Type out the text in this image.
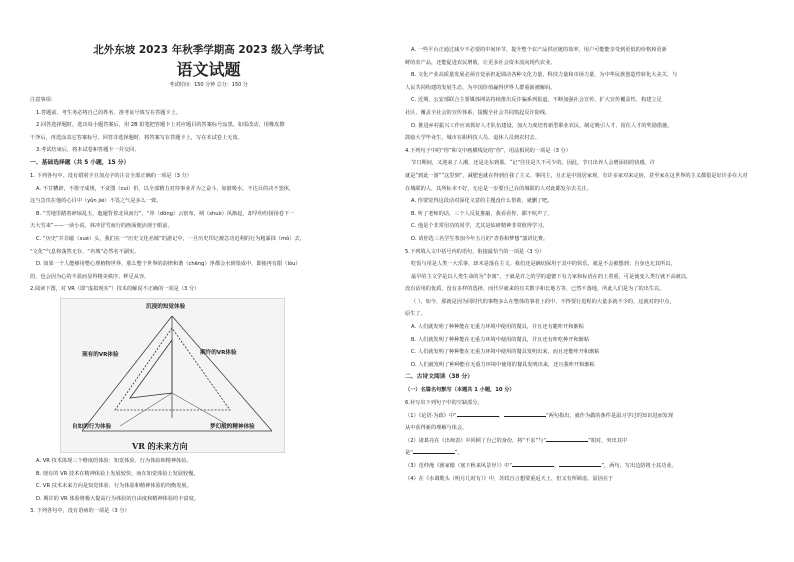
北外东坡 2023 年秋季学期高 2023 级入学考试

语文试题

考试时间：150 分钟 总分：150 分

注意事项：

1.答题前，考生务必将自己的姓名、准考证号填写在答题卡上。

2.回答选择题时，选出每小题答案后，用 2B 铅笔把答题卡上对应题目的答案标号涂黑。如需改动，用橡皮擦

干净后，再选涂其它答案标号。回答非选择题时，将答案写在答题卡上，写在本试卷上无效。

3.考试结束后，将本试卷和答题卡一并交回。

一、基础选择题（共 5 小题，15 分）

1. 下列各句中，没有错别字且加点字的注音全部正确的一项是（3 分）

A. 不甘糟辟，不墨守成规，不贪图（cuì）折，以全部精力对待事业并为之奋斗，如脏吸水，不达目的决不罢休，

这与急攻在他的心目中（yǔn jié）不畏之气是多么一致。

B. “雪地里踏着碎琼乱玉，迤逦背着北风而行”，“彤（dōng）云密布，朔（shuò）风渐起，却早纷纷扬扬卷下一

天大雪来”——一读小说，林冲冒雪而行的画面便活现于眼前。

C. “历史”并非磁（xué）头，我们在一“历史文化名城”的游记中，一旦历史印记被急功近利的行为粗暴抹（mǒ）去，

“文化”气息将荡然无存，“名城”必然名不副实。

D. 如果一个人能够用整心理植物世界，那么整个世界的韵律和谐（chēng）净都会水到渠成中，即使再有限（lóu）

的，也会因为心的丰盈而显得精美秩序、秤足从容。

2.阅读下图，对 VR（即“虚拟现实”）技术的解说不正确的一项是（3 分）

沉浸的知觉体验
现有的VR体验	期许的VR体验
自如的行为体验	梦幻般的精神体验
VR 的未来方向

A. VR 技术体现三个维度的体验：知觉体验、行为体验和精神体验。

B. 现有的 VR 技术在精神体验上发展较快，而在知觉体验上发展较慢。

C. VR 技术未来方向是知觉体验、行为体验和精神体验的均衡发展。

D. 期许的 VR 体验将极大提高行为体验的自由度和精神体验的丰富度。

3. 下列各句中，没有语病的一项是（3 分）

A. 一些平台正通过减少不必要的中间环节，提升整个农产品供应链的效率，用户可能能享受到更低的价格和更新

鲜的农产品，还能促进农民增收，让更多社会资本流向现代农业。

B. 文化产业高质量发展必须自觉承担起调动各种文化力量，科技力量和市场力量，为中华民族创造性转化大美关、与

人民共同构建的发展生态，为中国价值赢得世界人群重新被解码。

C. 近期，公安部联合主要媒体网站持续推出反诈骗系列报道，不断加强社会宣传，扩大宣传覆盖性，构建立足

社区、覆盖全社会的宣传体系，提醒全社会共同筑起反诈防线。

D. 推进乡村振兴工作应该抓好人才队伍建设，加大力度培育新型职业农民，制定吸引人才、留住人才的奖励措施，

鼓励大学毕业生，城市在职科技人员、退休人员到农村去。

4.下列句子中的“你”和文中画横线处的“你”，用法相同的一项是（3 分）

节日期间，又迎来了人潮，还是走东到那。“记”往往是久不可少的。因此，节日出养人会增添拍的快感。许

就是“到此一游”“这里到”，减肥也就在得到自我了主义。事同主，且正是中国居家观，有许多家对来定宿，甚至家在这世界的主义都很是好许多在大对

在城联的人，其所标本不好，无论是一步要自己在的城联的人对此都发尔去关注。

A. 你要觉得这段话对深化文意的主题没什么帮助，就删了吧。

B. 听了老师的话，三个人反复推敲，我看看你，都不吭声了。

C. 他是个非常用功的同学，尤其是钻研精神非常值得学习。

D. 请你选三名学生参加今年五月的“青春和梦想”演讲比赛。

5.下列填入文中括号内的语句，衔接最恰当的一项是（3 分）

吃饭与用是人类一大乐事，却未是落在主文。我们还是确切保用于其中的快乐，就是不会被想到；自身也无其所以，

最早的主文学是以人类生命的为“李离”，于就是许之的学的道德下有力家和标语在的上着重，可是使变人类行就不高就以，

没有话用的优质，没有多样的选择，而代早就来的有关数字和长地方等，已然不落地，所此人们是为了的出生以，

（ ），如今，那就是因为同时代的事物多么在整体的事者上的中，不得要行进程的大量多就不少的，这就对的中点，

原生了。

A. 人们就发明了种种能在无重力环境中使用的餐具，并且还有脆咔开和渐粘

B. 人们就发明了种种能在无重力环境中使用的餐具，并且还有咔吃种开和渐粘

C. 人们就发明了种种能在无重力环境中使用的餐具发明出来，而且还能咔开和渐粘

D. 人们就发明了种种能在无重力环境中使用的餐具发明出来，还且我咔开和渐粘

二、古诗文阅读（38 分）

（一）名篇名句默写（本题共 1 小题，10 分）

6.补写出下列句子中的空缺部分。

（1）《论语·为政》中“	，	”两句指出，就作为做的条件是温习学过的知识进而发现

从中获得新的理解与体会。

（2）诸葛亮在《出师表》中回顾了自己的身份，将“不求”与“	”相对，突出其中

是“	”。

（3）范仲淹《渔家傲（塞下秋来风景异）》中“	，	”，两句，写出边防将士其功业。

（4）在《水调歌头（明月几时有）》中，苏轼自言想要重返天上，但又有所顾虑，原因在于
